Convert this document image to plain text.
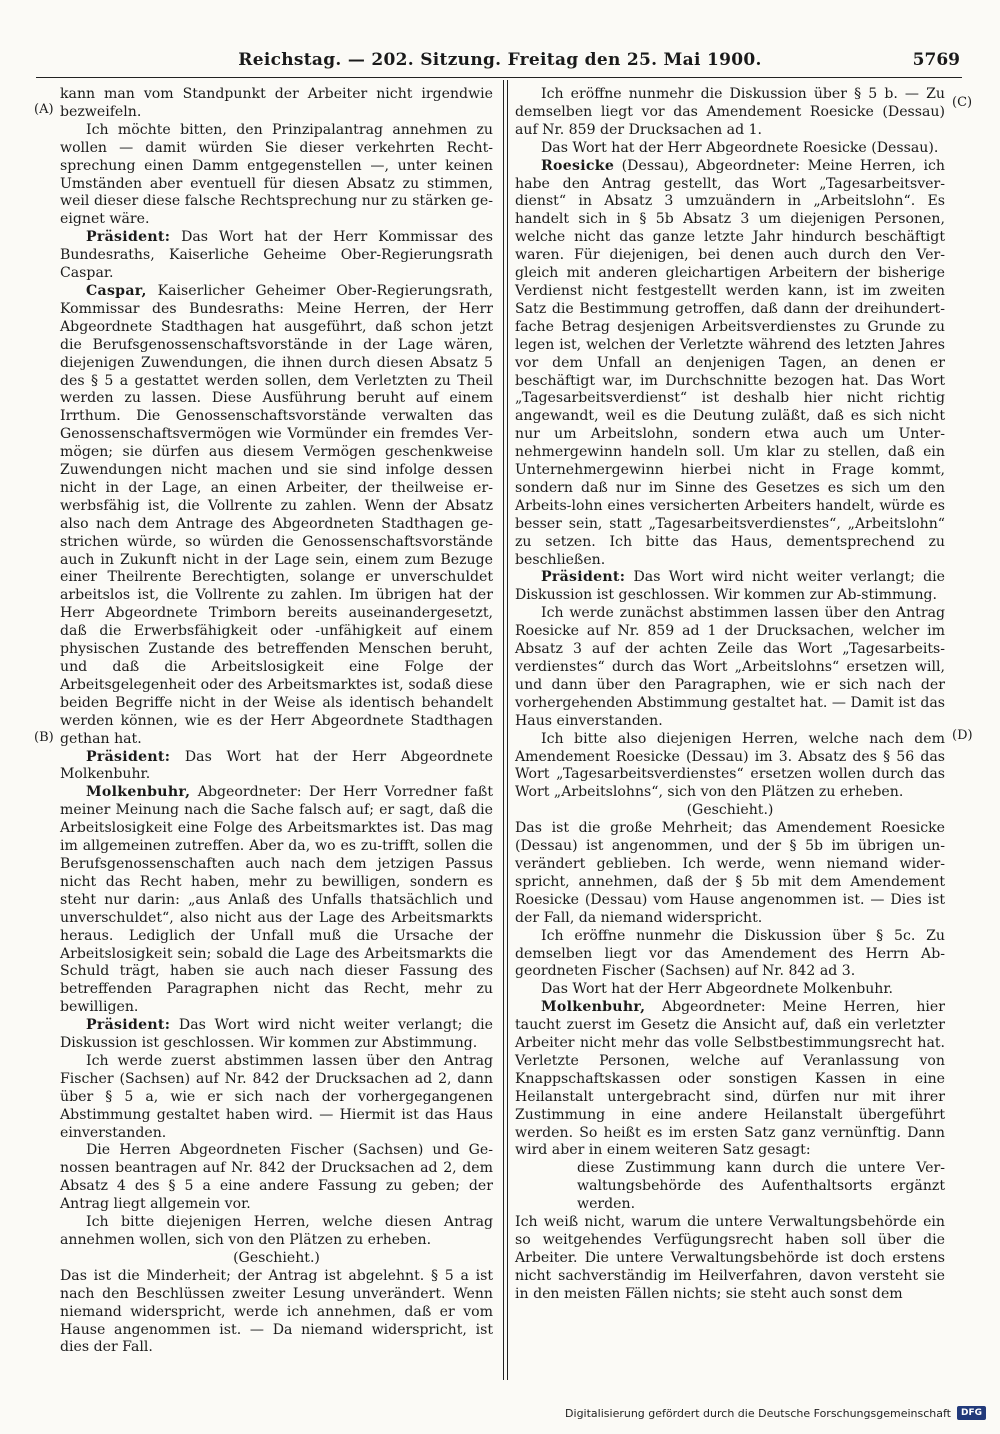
Reichstag. — 202. Sitzung. Freitag den 25. Mai 1900.	5769
(A)
(B)
(C)
(D)

kann man vom Standpunkt der Arbeiter nicht irgendwie bezweifeln.

Ich möchte bitten, den Prinzipalantrag annehmen zu wollen — damit würden Sie dieser verkehrten Recht-sprechung einen Damm entgegenstellen —, unter keinen Umständen aber eventuell für diesen Absatz zu stimmen, weil dieser diese falsche Rechtsprechung nur zu stärken ge-eignet wäre.

Präsident: Das Wort hat der Herr Kommissar des Bundesraths, Kaiserliche Geheime Ober-Regierungsrath Caspar.

Caspar, Kaiserlicher Geheimer Ober-Regierungsrath, Kommissar des Bundesraths: Meine Herren, der Herr Abgeordnete Stadthagen hat ausgeführt, daß schon jetzt die Berufsgenossenschaftsvorstände in der Lage wären, diejenigen Zuwendungen, die ihnen durch diesen Absatz 5 des § 5 a gestattet werden sollen, dem Verletzten zu Theil werden zu lassen. Diese Ausführung beruht auf einem Irrthum. Die Genossenschaftsvorstände verwalten das Genossenschaftsvermögen wie Vormünder ein fremdes Ver-mögen; sie dürfen aus diesem Vermögen geschenkweise Zuwendungen nicht machen und sie sind infolge dessen nicht in der Lage, an einen Arbeiter, der theilweise er-werbsfähig ist, die Vollrente zu zahlen. Wenn der Absatz also nach dem Antrage des Abgeordneten Stadthagen ge-strichen würde, so würden die Genossenschaftsvorstände auch in Zukunft nicht in der Lage sein, einem zum Bezuge einer Theilrente Berechtigten, solange er unverschuldet arbeitslos ist, die Vollrente zu zahlen. Im übrigen hat der Herr Abgeordnete Trimborn bereits auseinandergesetzt, daß die Erwerbsfähigkeit oder -unfähigkeit auf einem physischen Zustande des betreffenden Menschen beruht, und daß die Arbeitslosigkeit eine Folge der Arbeitsgelegenheit oder des Arbeitsmarktes ist, sodaß diese beiden Begriffe nicht in der Weise als identisch behandelt werden können, wie es der Herr Abgeordnete Stadthagen gethan hat.

Präsident: Das Wort hat der Herr Abgeordnete Molkenbuhr.

Molkenbuhr, Abgeordneter: Der Herr Vorredner faßt meiner Meinung nach die Sache falsch auf; er sagt, daß die Arbeitslosigkeit eine Folge des Arbeitsmarktes ist. Das mag im allgemeinen zutreffen. Aber da, wo es zu-trifft, sollen die Berufsgenossenschaften auch nach dem jetzigen Passus nicht das Recht haben, mehr zu bewilligen, sondern es steht nur darin: „aus Anlaß des Unfalls thatsächlich und unverschuldet“, also nicht aus der Lage des Arbeitsmarkts heraus. Lediglich der Unfall muß die Ursache der Arbeitslosigkeit sein; sobald die Lage des Arbeitsmarkts die Schuld trägt, haben sie auch nach dieser Fassung des betreffenden Paragraphen nicht das Recht, mehr zu bewilligen.

Präsident: Das Wort wird nicht weiter verlangt; die Diskussion ist geschlossen. Wir kommen zur Abstimmung.

Ich werde zuerst abstimmen lassen über den Antrag Fischer (Sachsen) auf Nr. 842 der Drucksachen ad 2, dann über § 5 a, wie er sich nach der vorhergegangenen Abstimmung gestaltet haben wird. — Hiermit ist das Haus einverstanden.

Die Herren Abgeordneten Fischer (Sachsen) und Ge-nossen beantragen auf Nr. 842 der Drucksachen ad 2, dem Absatz 4 des § 5 a eine andere Fassung zu geben; der Antrag liegt allgemein vor.

Ich bitte diejenigen Herren, welche diesen Antrag annehmen wollen, sich von den Plätzen zu erheben.

(Geschieht.)

Das ist die Minderheit; der Antrag ist abgelehnt. § 5 a ist nach den Beschlüssen zweiter Lesung unverändert. Wenn niemand widerspricht, werde ich annehmen, daß er vom Hause angenommen ist. — Da niemand widerspricht, ist dies der Fall.

Ich eröffne nunmehr die Diskussion über § 5 b. — Zu demselben liegt vor das Amendement Roesicke (Dessau) auf Nr. 859 der Drucksachen ad 1.

Das Wort hat der Herr Abgeordnete Roesicke (Dessau).

Roesicke (Dessau), Abgeordneter: Meine Herren, ich habe den Antrag gestellt, das Wort „Tagesarbeitsver-dienst“ in Absatz 3 umzuändern in „Arbeitslohn“. Es handelt sich in § 5b Absatz 3 um diejenigen Personen, welche nicht das ganze letzte Jahr hindurch beschäftigt waren. Für diejenigen, bei denen auch durch den Ver-gleich mit anderen gleichartigen Arbeitern der bisherige Verdienst nicht festgestellt werden kann, ist im zweiten Satz die Bestimmung getroffen, daß dann der dreihundert-fache Betrag desjenigen Arbeitsverdienstes zu Grunde zu legen ist, welchen der Verletzte während des letzten Jahres vor dem Unfall an denjenigen Tagen, an denen er beschäftigt war, im Durchschnitte bezogen hat. Das Wort „Tagesarbeitsverdienst“ ist deshalb hier nicht richtig angewandt, weil es die Deutung zuläßt, daß es sich nicht nur um Arbeitslohn, sondern etwa auch um Unter-nehmergewinn handeln soll. Um klar zu stellen, daß ein Unternehmergewinn hierbei nicht in Frage kommt, sondern daß nur im Sinne des Gesetzes es sich um den Arbeits-lohn eines versicherten Arbeiters handelt, würde es besser sein, statt „Tagesarbeitsverdienstes“, „Arbeitslohn“ zu setzen. Ich bitte das Haus, dementsprechend zu beschließen.

Präsident: Das Wort wird nicht weiter verlangt; die Diskussion ist geschlossen. Wir kommen zur Ab-stimmung.

Ich werde zunächst abstimmen lassen über den Antrag Roesicke auf Nr. 859 ad 1 der Drucksachen, welcher im Absatz 3 auf der achten Zeile das Wort „Tagesarbeits-verdienstes“ durch das Wort „Arbeitslohns“ ersetzen will, und dann über den Paragraphen, wie er sich nach der vorhergehenden Abstimmung gestaltet hat. — Damit ist das Haus einverstanden.

Ich bitte also diejenigen Herren, welche nach dem Amendement Roesicke (Dessau) im 3. Absatz des § 56 das Wort „Tagesarbeitsverdienstes“ ersetzen wollen durch das Wort „Arbeitslohns“, sich von den Plätzen zu erheben.

(Geschieht.)

Das ist die große Mehrheit; das Amendement Roesicke (Dessau) ist angenommen, und der § 5b im übrigen un-verändert geblieben. Ich werde, wenn niemand wider-spricht, annehmen, daß der § 5b mit dem Amendement Roesicke (Dessau) vom Hause angenommen ist. — Dies ist der Fall, da niemand widerspricht.

Ich eröffne nunmehr die Diskussion über § 5c. Zu demselben liegt vor das Amendement des Herrn Ab-geordneten Fischer (Sachsen) auf Nr. 842 ad 3.

Das Wort hat der Herr Abgeordnete Molkenbuhr.

Molkenbuhr, Abgeordneter: Meine Herren, hier taucht zuerst im Gesetz die Ansicht auf, daß ein verletzter Arbeiter nicht mehr das volle Selbstbestimmungsrecht hat. Verletzte Personen, welche auf Veranlassung von Knappschaftskassen oder sonstigen Kassen in eine Heilanstalt untergebracht sind, dürfen nur mit ihrer Zustimmung in eine andere Heilanstalt übergeführt werden. So heißt es im ersten Satz ganz vernünftig. Dann wird aber in einem weiteren Satz gesagt:

diese Zustimmung kann durch die untere Ver-waltungsbehörde des Aufenthaltsorts ergänzt werden.

Ich weiß nicht, warum die untere Verwaltungsbehörde ein so weitgehendes Verfügungsrecht haben soll über die Arbeiter. Die untere Verwaltungsbehörde ist doch erstens nicht sachverständig im Heilverfahren, davon versteht sie in den meisten Fällen nichts; sie steht auch sonst dem

Digitalisierung gefördert durch die Deutsche Forschungsgemeinschaft	DFG
